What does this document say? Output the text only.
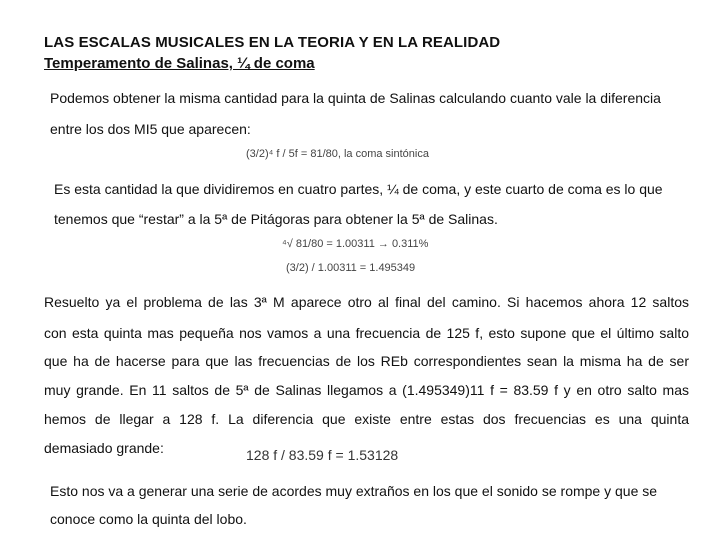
LAS ESCALAS MUSICALES EN LA TEORIA Y EN LA REALIDAD
Temperamento de Salinas, ¼ de coma
Podemos obtener la misma cantidad para la quinta de Salinas calculando cuanto vale la diferencia
entre los dos MI5 que aparecen:
(3/2)⁴ f / 5f = 81/80, la coma sintónica
Es esta cantidad la que dividiremos en cuatro partes, ¼ de coma, y este cuarto de coma es lo que
tenemos que “restar” a la 5ª de Pitágoras para obtener la 5ª de Salinas.
⁴√ 81/80 = 1.00311 → 0.311%
(3/2) / 1.00311 = 1.495349
Resuelto ya el problema de las 3ª M aparece otro al final del camino. Si hacemos ahora 12 saltos
con esta quinta mas pequeña nos vamos a una frecuencia de 125 f, esto supone que el último salto
que ha de hacerse para que las frecuencias de los REb correspondientes sean la misma ha de ser
muy grande. En 11 saltos de 5ª de Salinas llegamos a (1.495349)11 f = 83.59 f y en otro salto mas
hemos de llegar a 128 f. La diferencia que existe entre estas dos frecuencias es una quinta
demasiado grande:	128 f / 83.59 f = 1.53128
Esto nos va a generar una serie de acordes muy extraños en los que el sonido se rompe y que se
conoce como la quinta del lobo.
